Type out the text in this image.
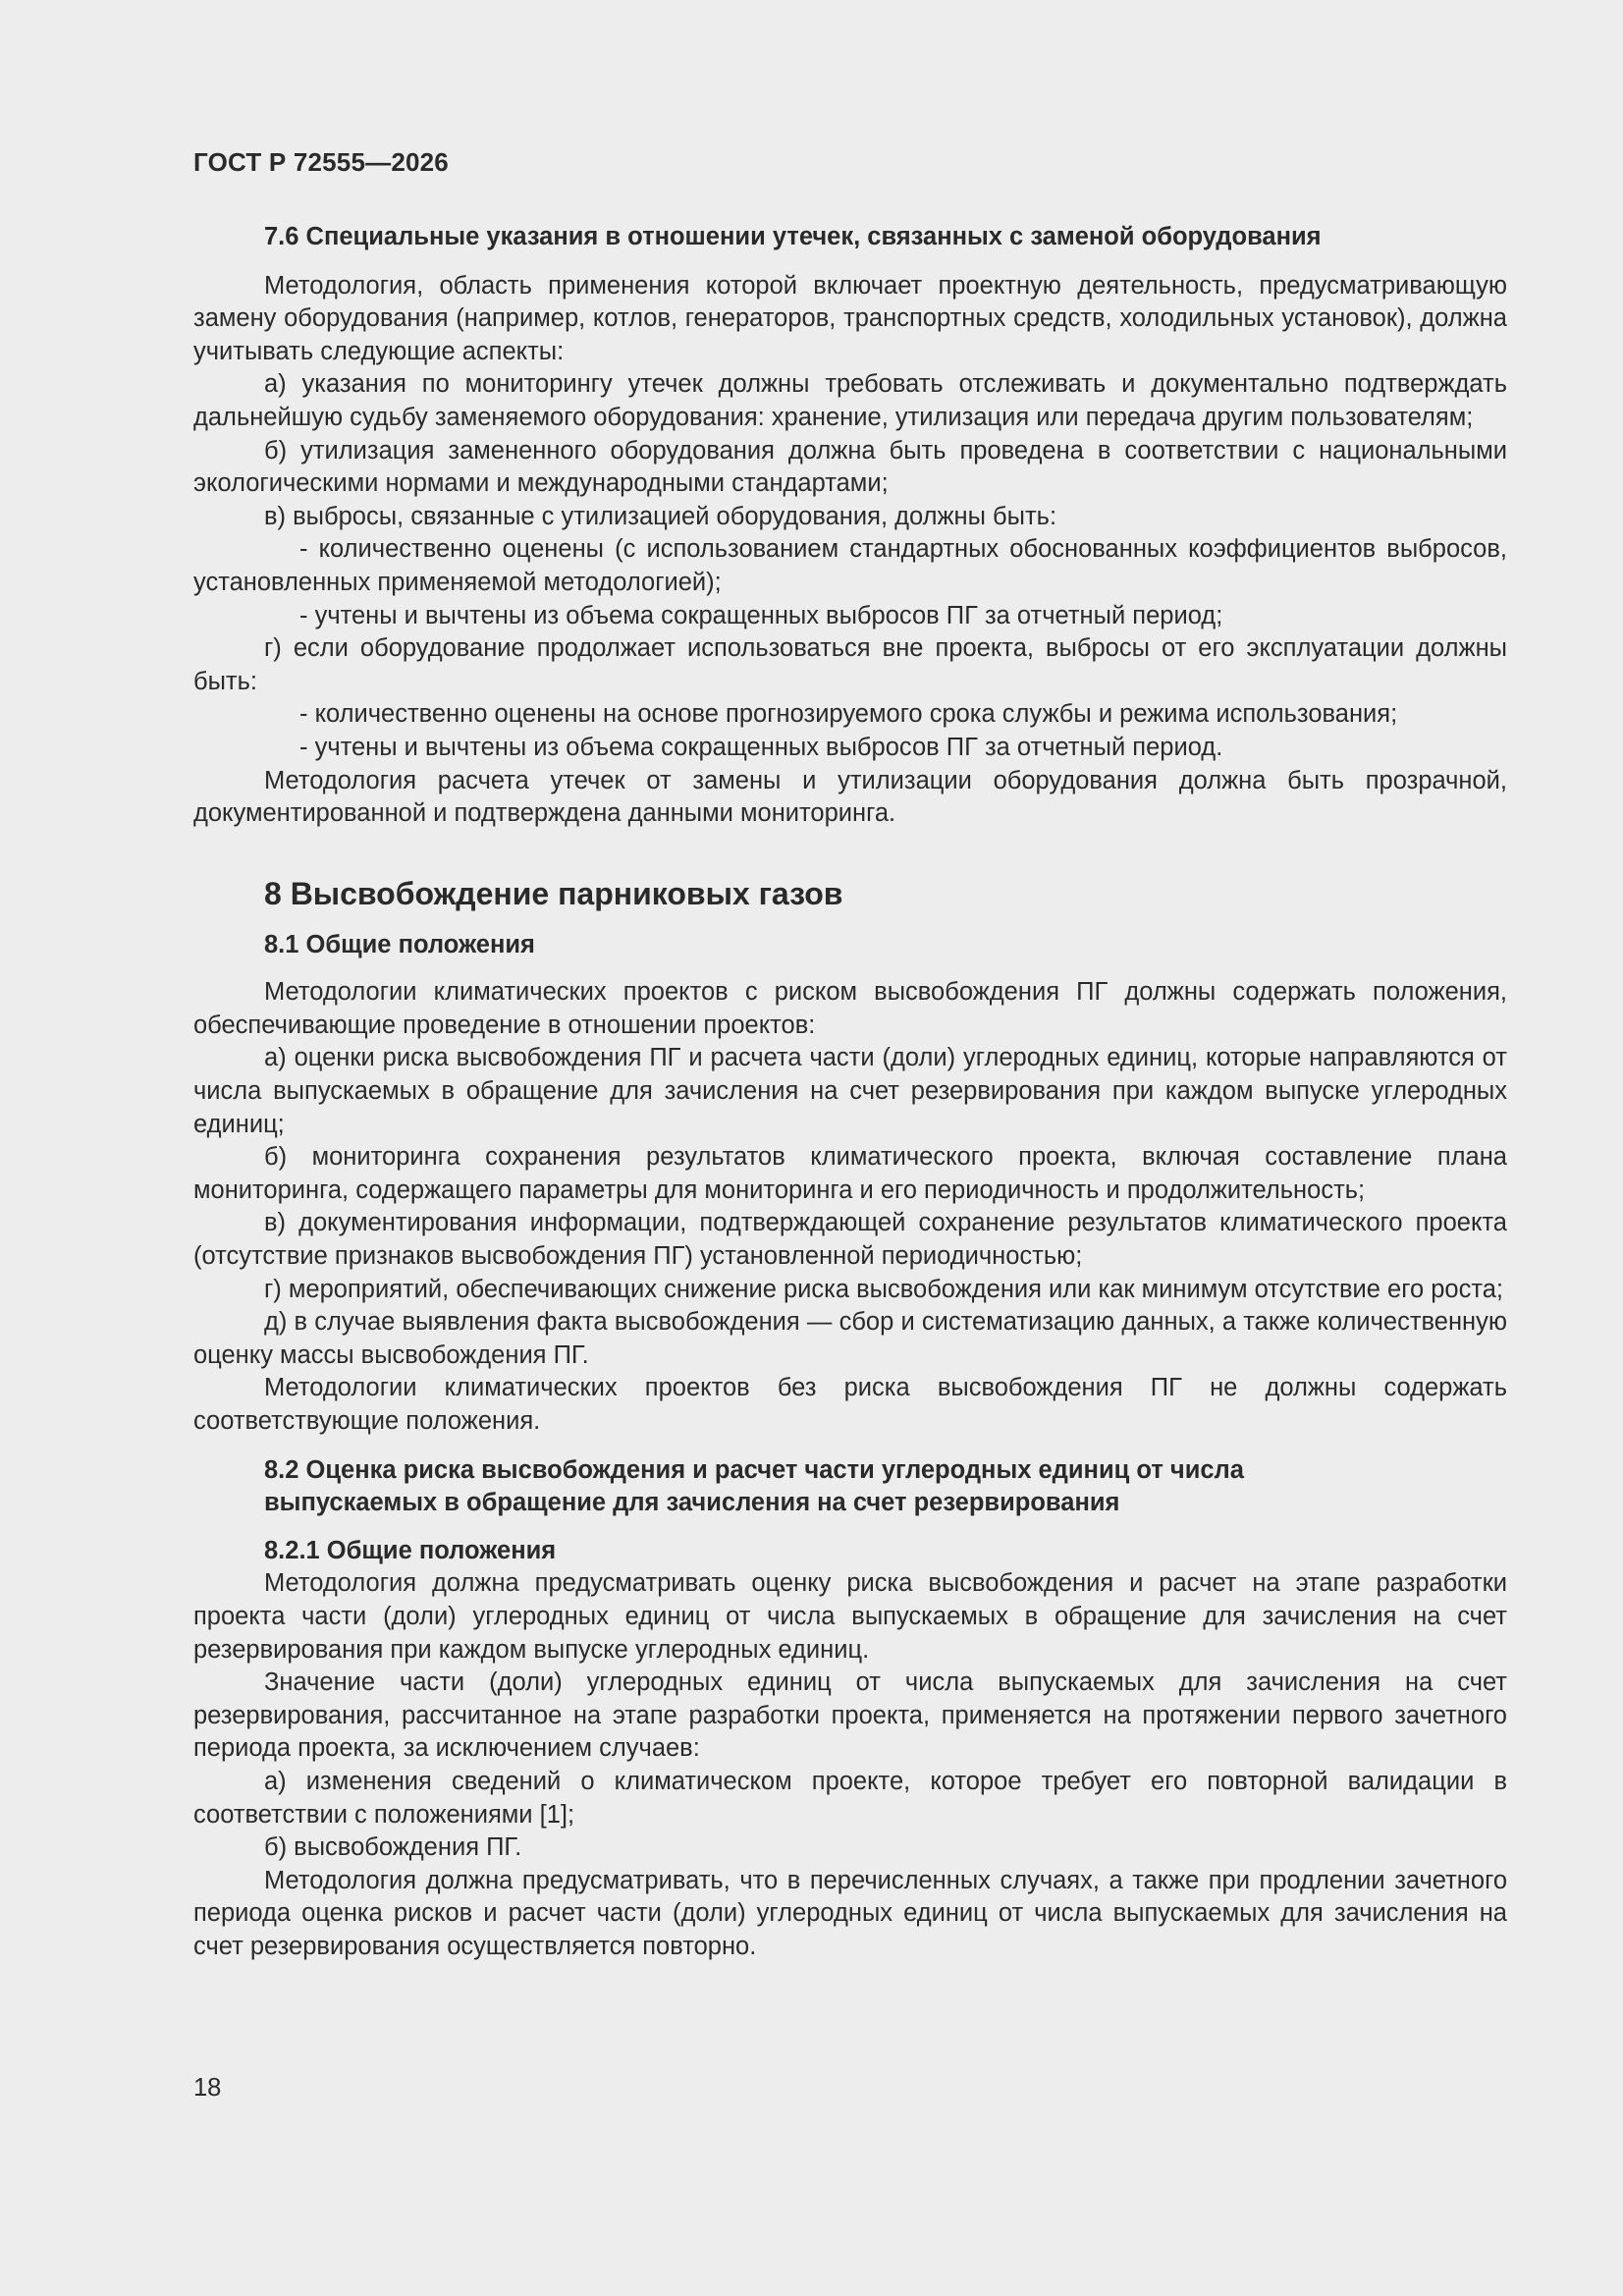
ГОСТ Р 72555—2026
7.6 Специальные указания в отношении утечек, связанных с заменой оборудования

Методология, область применения которой включает проектную деятельность, предусматривающую замену оборудования (например, котлов, генераторов, транспортных средств, холодильных установок), должна учитывать следующие аспекты:

а) указания по мониторингу утечек должны требовать отслеживать и документально подтверждать дальнейшую судьбу заменяемого оборудования: хранение, утилизация или передача другим пользователям;

б) утилизация замененного оборудования должна быть проведена в соответствии с национальными экологическими нормами и международными стандартами;

в) выбросы, связанные с утилизацией оборудования, должны быть:

- количественно оценены (с использованием стандартных обоснованных коэффициентов выбросов, установленных применяемой методологией);

- учтены и вычтены из объема сокращенных выбросов ПГ за отчетный период;

г) если оборудование продолжает использоваться вне проекта, выбросы от его эксплуатации должны быть:

- количественно оценены на основе прогнозируемого срока службы и режима использования;

- учтены и вычтены из объема сокращенных выбросов ПГ за отчетный период.

Методология расчета утечек от замены и утилизации оборудования должна быть прозрачной, документированной и подтверждена данными мониторинга.

8 Высвобождение парниковых газов
8.1 Общие положения

Методологии климатических проектов с риском высвобождения ПГ должны содержать положения, обеспечивающие проведение в отношении проектов:

а) оценки риска высвобождения ПГ и расчета части (доли) углеродных единиц, которые направляются от числа выпускаемых в обращение для зачисления на счет резервирования при каждом выпуске углеродных единиц;

б) мониторинга сохранения результатов климатического проекта, включая составление плана мониторинга, содержащего параметры для мониторинга и его периодичность и продолжительность;

в) документирования информации, подтверждающей сохранение результатов климатического проекта (отсутствие признаков высвобождения ПГ) установленной периодичностью;

г) мероприятий, обеспечивающих снижение риска высвобождения или как минимум отсутствие его роста;

д) в случае выявления факта высвобождения — сбор и систематизацию данных, а также количественную оценку массы высвобождения ПГ.

Методологии климатических проектов без риска высвобождения ПГ не должны содержать соответствующие положения.

8.2 Оценка риска высвобождения и расчет части углеродных единиц от числа
выпускаемых в обращение для зачисления на счет резервирования
8.2.1 Общие положения

Методология должна предусматривать оценку риска высвобождения и расчет на этапе разработки проекта части (доли) углеродных единиц от числа выпускаемых в обращение для зачисления на счет резервирования при каждом выпуске углеродных единиц.

Значение части (доли) углеродных единиц от числа выпускаемых для зачисления на счет резервирования, рассчитанное на этапе разработки проекта, применяется на протяжении первого зачетного периода проекта, за исключением случаев:

а) изменения сведений о климатическом проекте, которое требует его повторной валидации в соответствии с положениями [1];

б) высвобождения ПГ.

Методология должна предусматривать, что в перечисленных случаях, а также при продлении зачетного периода оценка рисков и расчет части (доли) углеродных единиц от числа выпускаемых для зачисления на счет резервирования осуществляется повторно.

18
